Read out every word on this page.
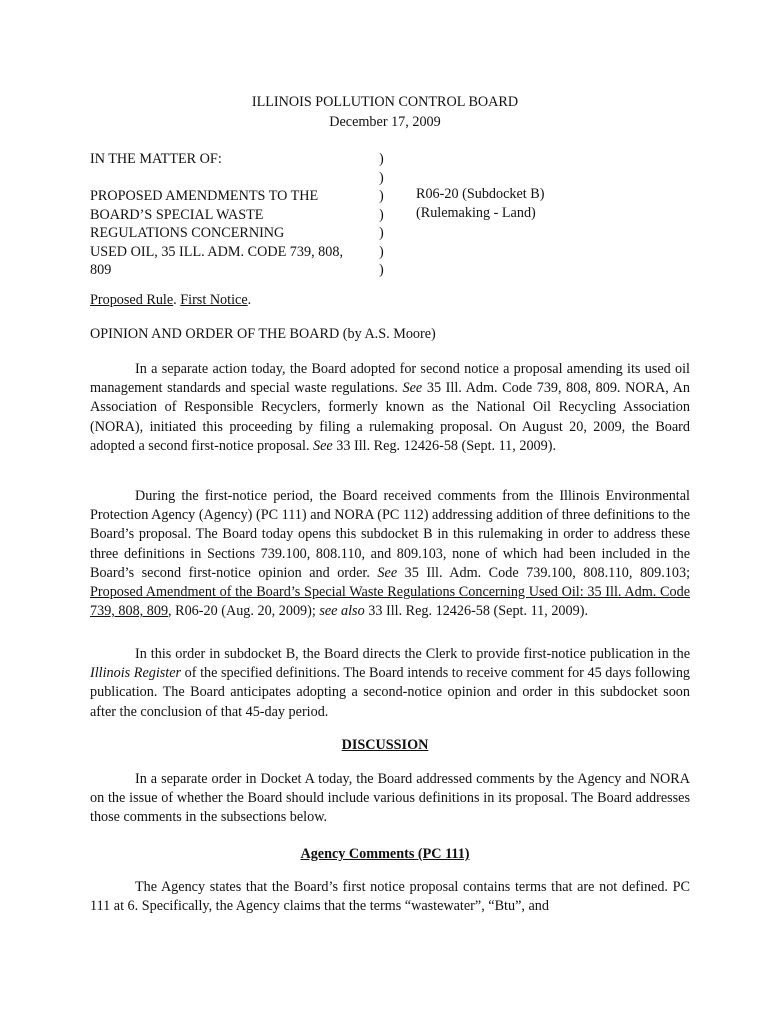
ILLINOIS POLLUTION CONTROL BOARD
December 17, 2009
IN THE MATTER OF:

PROPOSED AMENDMENTS TO THE
BOARD’S SPECIAL WASTE
REGULATIONS CONCERNING
USED OIL, 35 ILL. ADM. CODE 739, 808,
809
)
)
)
)
)
)
)
R06-20 (Subdocket B)
(Rulemaking - Land)
Proposed Rule. First Notice.
OPINION AND ORDER OF THE BOARD (by A.S. Moore)
In a separate action today, the Board adopted for second notice a proposal amending its used oil management standards and special waste regulations. See 35 Ill. Adm. Code 739, 808, 809. NORA, An Association of Responsible Recyclers, formerly known as the National Oil Recycling Association (NORA), initiated this proceeding by filing a rulemaking proposal. On August 20, 2009, the Board adopted a second first-notice proposal. See 33 Ill. Reg. 12426-58 (Sept. 11, 2009).
During the first-notice period, the Board received comments from the Illinois Environmental Protection Agency (Agency) (PC 111) and NORA (PC 112) addressing addition of three definitions to the Board’s proposal. The Board today opens this subdocket B in this rulemaking in order to address these three definitions in Sections 739.100, 808.110, and 809.103, none of which had been included in the Board’s second first-notice opinion and order. See 35 Ill. Adm. Code 739.100, 808.110, 809.103; Proposed Amendment of the Board’s Special Waste Regulations Concerning Used Oil: 35 Ill. Adm. Code 739, 808, 809, R06-20 (Aug. 20, 2009); see also 33 Ill. Reg. 12426-58 (Sept. 11, 2009).
In this order in subdocket B, the Board directs the Clerk to provide first-notice publication in the Illinois Register of the specified definitions. The Board intends to receive comment for 45 days following publication. The Board anticipates adopting a second-notice opinion and order in this subdocket soon after the conclusion of that 45-day period.
DISCUSSION
In a separate order in Docket A today, the Board addressed comments by the Agency and NORA on the issue of whether the Board should include various definitions in its proposal. The Board addresses those comments in the subsections below.
Agency Comments (PC 111)
The Agency states that the Board’s first notice proposal contains terms that are not defined. PC 111 at 6. Specifically, the Agency claims that the terms “wastewater”, “Btu”, and
